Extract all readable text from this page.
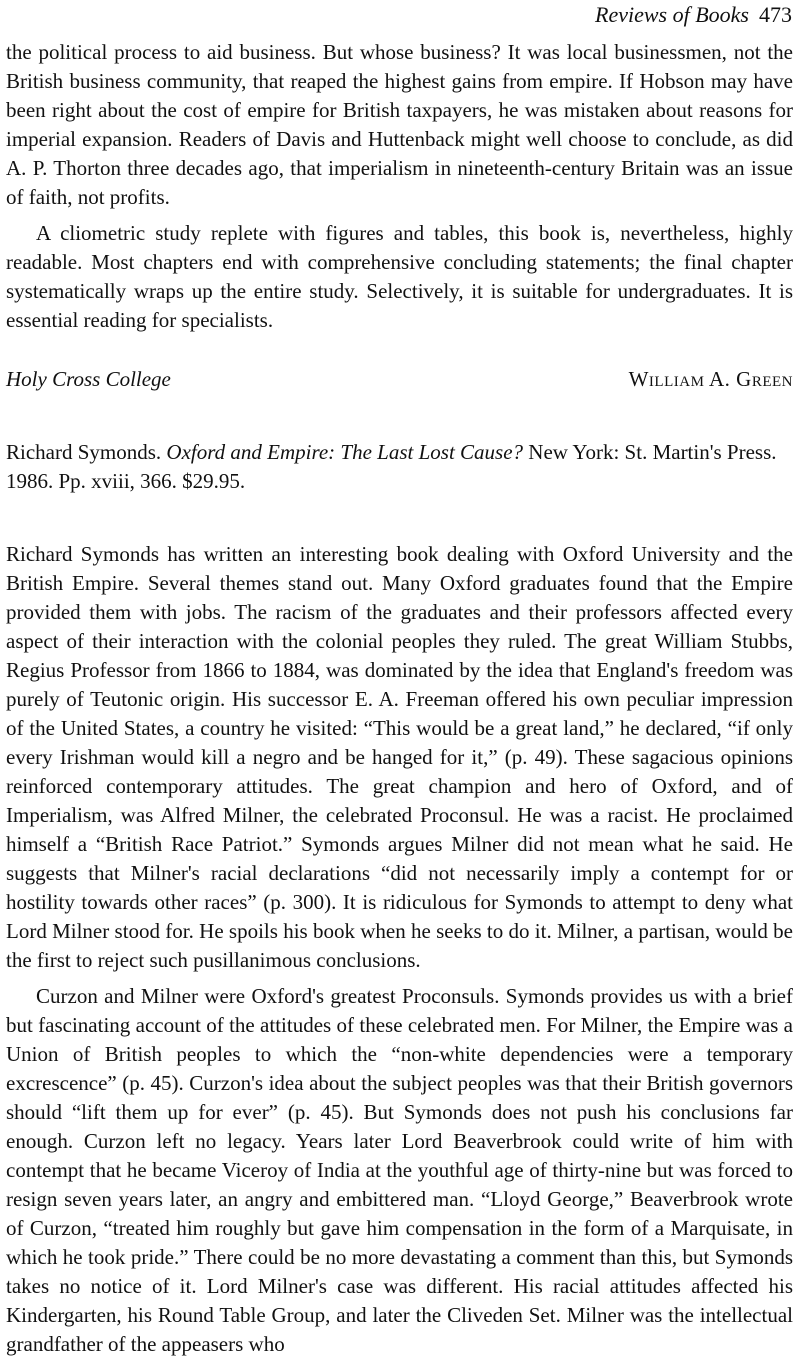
Reviews of Books 473

the political process to aid business. But whose business? It was local businessmen, not the British business community, that reaped the highest gains from empire. If Hobson may have been right about the cost of empire for British taxpayers, he was mistaken about reasons for imperial expansion. Readers of Davis and Huttenback might well choose to conclude, as did A. P. Thorton three decades ago, that imperialism in nineteenth-century Britain was an issue of faith, not profits.

A cliometric study replete with figures and tables, this book is, nevertheless, highly readable. Most chapters end with comprehensive concluding statements; the final chapter systematically wraps up the entire study. Selectively, it is suitable for undergraduates. It is essential reading for specialists.

Holy Cross College	William A. Green

Richard Symonds. Oxford and Empire: The Last Lost Cause? New York: St. Martin's Press. 1986. Pp. xviii, 366. $29.95.

Richard Symonds has written an interesting book dealing with Oxford University and the British Empire. Several themes stand out. Many Oxford graduates found that the Empire provided them with jobs. The racism of the graduates and their professors affected every aspect of their interaction with the colonial peoples they ruled. The great William Stubbs, Regius Professor from 1866 to 1884, was dominated by the idea that England's freedom was purely of Teutonic origin. His successor E. A. Freeman offered his own peculiar impression of the United States, a country he visited: “This would be a great land,” he declared, “if only every Irishman would kill a negro and be hanged for it,” (p. 49). These sagacious opinions reinforced contemporary attitudes. The great champion and hero of Oxford, and of Imperialism, was Alfred Milner, the celebrated Proconsul. He was a racist. He proclaimed himself a “British Race Patriot.” Symonds argues Milner did not mean what he said. He suggests that Milner's racial declarations “did not necessarily imply a contempt for or hostility towards other races” (p. 300). It is ridiculous for Symonds to attempt to deny what Lord Milner stood for. He spoils his book when he seeks to do it. Milner, a partisan, would be the first to reject such pusillanimous conclusions.

Curzon and Milner were Oxford's greatest Proconsuls. Symonds provides us with a brief but fascinating account of the attitudes of these celebrated men. For Milner, the Empire was a Union of British peoples to which the “non-white dependencies were a temporary excrescence” (p. 45). Curzon's idea about the subject peoples was that their British governors should “lift them up for ever” (p. 45). But Symonds does not push his conclusions far enough. Curzon left no legacy. Years later Lord Beaverbrook could write of him with contempt that he became Viceroy of India at the youthful age of thirty-nine but was forced to resign seven years later, an angry and embittered man. “Lloyd George,” Beaverbrook wrote of Curzon, “treated him roughly but gave him compensation in the form of a Marquisate, in which he took pride.” There could be no more devastating a comment than this, but Symonds takes no notice of it. Lord Milner's case was different. His racial attitudes affected his Kindergarten, his Round Table Group, and later the Cliveden Set. Milner was the intellectual grandfather of the appeasers who
